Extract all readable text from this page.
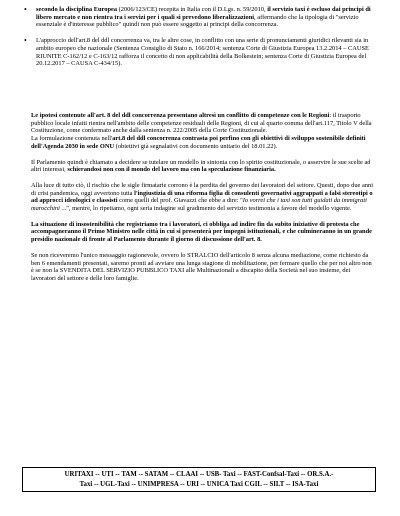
•	secondo la disciplina Europea (2006/123/CE) recepita in Italia con il D.Lgs. n. 59/2010, il servizio taxi è escluso dai principi di libero mercato e non rientra tra i servizi per i quali si prevedono liberalizzazioni, affermando che la tipologia di "servizio essenziale è d'interesse pubblico" quindi non può essere soggetto ai principi della concorrenza.

•	L'approccio dell'art.8 del ddl concorrenza va, tra le altre cose, in conflitto con una serie di pronunciamenti giuridici rilevanti sia in ambito europeo che nazionale (Sentenza Consiglio di Stato n. 166/2014; sentenza Corte di Giustizia Europea 13.2.2014 – CAUSE RIUNITE C-162/12 e C-163/12 rafforza il concetto di non applicabilità della Bolkestein; sentenza Corte di Giustizia Europea del 20.12.2017 – CAUSA C-434/15).

Le ipotesi contenute all'art. 8 del ddl concorrenza presentano altresì un conflitto di competenze con le Regioni: il trasporto pubblico locale infatti rientra nell'ambito delle competenze residuali delle Regioni, di cui al quarto comma dell'art.117, Titolo V della Costituzione, come confermato anche dalla sentenza n. 222/2005 della Corte Costituzionale.

La formulazione contenuta nell'art.8 del ddl concorrenza contrasta poi perfino con gli obiettivi di sviluppo sostenibile definiti dell'Agenda 2030 in sede ONU (obiettivi già segnalativi con documento unitario del 18.01.22).

Il Parlamento quindi è chiamato a decidere se tutelare un modello in sintonia con lo spirito costituzionale, o asservire le sue scelte ad altri interessi, schierandosi non con il mondo del lavoro ma con la speculazione finanziaria.

Alla luce di tutto ciò, il rischio che le sigle firmatarie corrono è la perdita del governo dei lavoratori del settore. Questi, dopo due anni di crisi pandemica, oggi avvertono tutta l'ingiustizia di una riforma figlia di consulenti governativi aggrappati a falsi stereotipi o ad approcci ideologici e classisti come quelli del prof. Giavazzi che ebbe a dire: "Io vorrei che i taxi son tutti guidati da immigrati marocchini ...", mentre, lo ripetiamo, ogni seria indagine sul gradimento del servizio testimonia a favore del modello vigente.

La situazione di insostenibilità che registriamo tra i lavoratori, ci obbliga ad indire fin da subito iniziative di protesta che accompagneranno il Primo Ministro nelle città in cui si presenterà per impegni istituzionali, e che culmineranno in un grande presidio nazionale di fronte al Parlamento durante il giorno di discussione dell'art. 8.

Se non riceveremo l'unico messaggio ragionevole, ovvero lo STRALCIO dell'articolo 8 senza alcuna mediazione, come richiesto da ben 6 emendamenti presentati, saremo pronti ad avviare una lunga stagione di mobilitazione, per fermare quello che per noi altro non è se non la SVENDITA DEL SERVIZIO PUBBLICO TAXI alle Multinazionali a discapito della Società nel suo insieme, dei lavoratori del settore e delle loro famiglie.

URITAXI -- UTI -- TAM -- SATAM -- CLAAI -- USB- Taxi -- FAST-Confsal-Taxi -- OR.S.A.-
Taxi -- UGL-Taxi -- UNIMPRESA -- URI -- UNICA Taxi CGIL -- SILT -- ISA-Taxi
